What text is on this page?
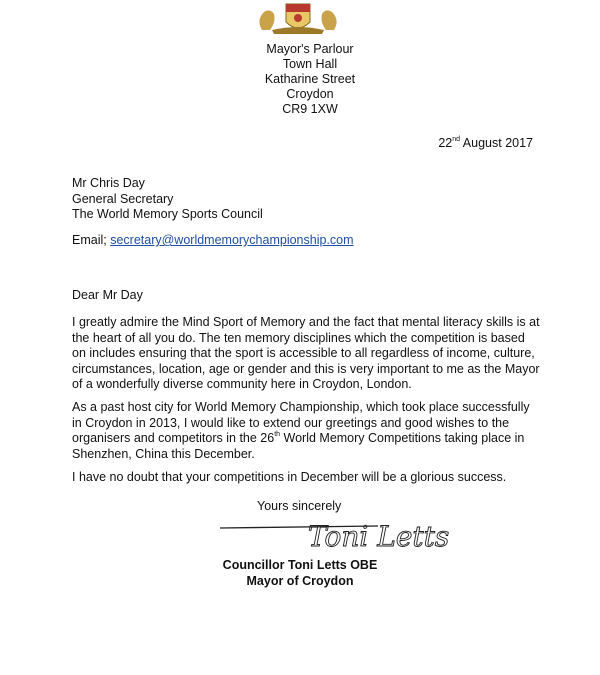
Mayor's Parlour
Town Hall
Katharine Street
Croydon
CR9 1XW
22nd August 2017
Mr Chris Day
General Secretary
The World Memory Sports Council
Email; secretary@worldmemorychampionship.com
Dear Mr Day
I greatly admire the Mind Sport of Memory and the fact that mental literacy skills is at the heart of all you do. The ten memory disciplines which the competition is based on includes ensuring that the sport is accessible to all regardless of income, culture, circumstances, location, age or gender and this is very important to me as the Mayor of a wonderfully diverse community here in Croydon, London.
As a past host city for World Memory Championship, which took place successfully in Croydon in 2013, I would like to extend our greetings and good wishes to the organisers and competitors in the 26th World Memory Competitions taking place in Shenzhen, China this December.
I have no doubt that your competitions in December will be a glorious success.
Yours sincerely
Toni Letts
Councillor Toni Letts OBE
Mayor of Croydon
